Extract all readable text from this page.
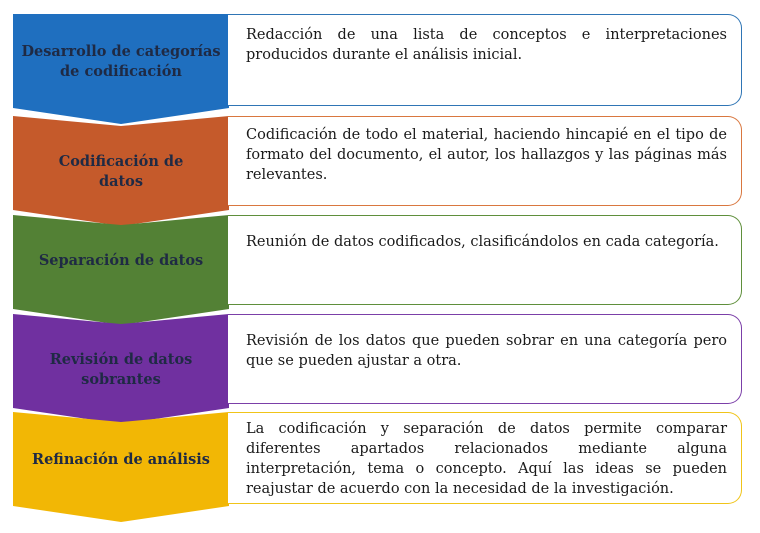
Desarrollo de categorías
de codificación
Redacción de una lista de conceptos e interpretaciones producidos durante el análisis inicial.
Codificación de
datos
Codificación de todo el material, haciendo hincapié en el tipo de formato del documento, el autor, los hallazgos y las páginas más relevantes.
Separación de datos
Reunión de datos codificados, clasificándolos en cada categoría.
Revisión de datos
sobrantes
Revisión de los datos que pueden sobrar en una categoría pero que se pueden ajustar a otra.
Refinación de análisis
La codificación y separación de datos permite comparar diferentes apartados relacionados mediante alguna interpretación, tema o concepto. Aquí las ideas se pueden reajustar de acuerdo con la necesidad de la investigación.
